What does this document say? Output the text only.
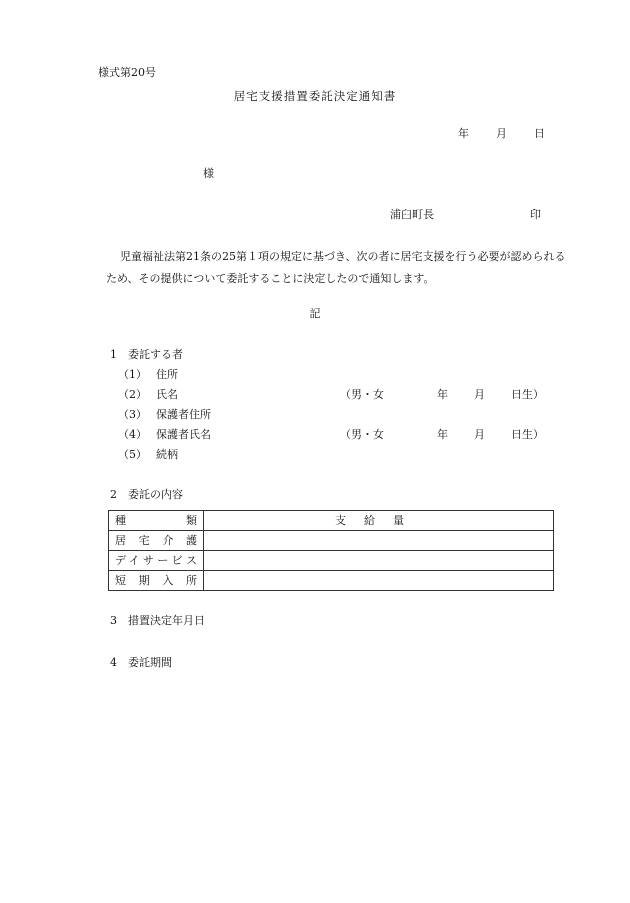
様式第20号
居宅支援措置委託決定通知書
年 月 日
様
浦臼町長	印
児童福祉法第21条の25第１項の規定に基づき、次の者に居宅支援を行う必要が認められるため、その提供について委託することに決定したので通知します。
記
1　委託する者
（1） 住所
（2） 氏名	（男・女	年 月 日生）
（3） 保護者住所
（4） 保護者氏名	（男・女	年 月 日生）
（5） 続柄
2　委託の内容
種類	支給量
居宅介護	
デイサービス	
短期入所	
3　措置決定年月日
4　委託期間
